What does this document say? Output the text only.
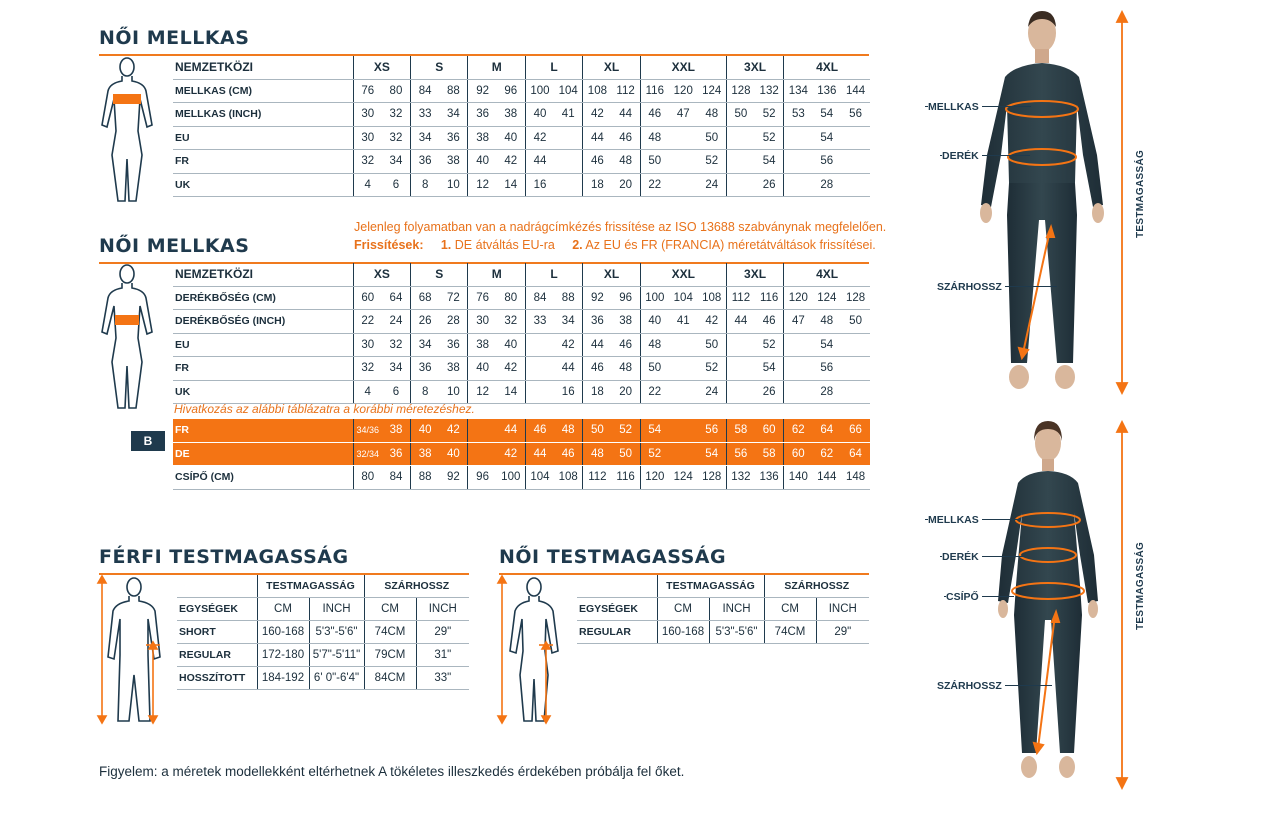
NŐI MELLKAS
NEMZETKÖZI	XS		S		M		L		XL		XXL			3XL		4XL		
MELLKAS (CM)	76	80	84	88	92	96	100	104	108	112	116	120	124	128	132	134	136	144
MELLKAS (INCH)	30	32	33	34	36	38	40	41	42	44	46	47	48	50	52	53	54	56
EU	30	32	34	36	38	40	42		44	46	48		50		52		54	
FR	32	34	36	38	40	42	44		46	48	50		52		54		56	
UK	4	6	8	10	12	14	16		18	20	22		24		26		28	
Jelenleg folyamatban van a nadrágcímkézés frissítése az ISO 13688 szabványnak megfelelően.
Frissítések: 1. DE átváltás EU-ra 2. Az EU és FR (FRANCIA) méretátváltások frissítései.
NŐI MELLKAS
NEMZETKÖZI	XS		S		M		L		XL		XXL			3XL		4XL		
DERÉKBŐSÉG (CM)	60	64	68	72	76	80	84	88	92	96	100	104	108	112	116	120	124	128
DERÉKBŐSÉG (INCH)	22	24	26	28	30	32	33	34	36	38	40	41	42	44	46	47	48	50
EU	30	32	34	36	38	40		42	44	46	48		50		52		54	
FR	32	34	36	38	40	42		44	46	48	50		52		54		56	
UK	4	6	8	10	12	14		16	18	20	22		24		26		28	
Hivatkozás az alábbi táblázatra a korábbi méretezéshez.
B
FR	34/36	38	40	42		44	46	48	50	52	54		56	58	60	62	64	66
DE	32/34	36	38	40		42	44	46	48	50	52		54	56	58	60	62	64
CSÍPŐ (CM)	80	84	88	92	96	100	104	108	112	116	120	124	128	132	136	140	144	148
FÉRFI TESTMAGASSÁG
	TESTMAGASSÁG		SZÁRHOSSZ	
EGYSÉGEK	CM	INCH	CM	INCH
SHORT	160-168	5'3"-5'6"	74CM	29"
REGULAR	172-180	5'7"-5'11"	79CM	31"
HOSSZÍTOTT	184-192	6' 0"-6'4"	84CM	33"
NŐI TESTMAGASSÁG
	TESTMAGASSÁG		SZÁRHOSSZ	
EGYSÉGEK	CM	INCH	CM	INCH
REGULAR	160-168	5'3"-5'6"	74CM	29"
Figyelem: a méretek modellekként eltérhetnek A tökéletes illeszkedés érdekében próbálja fel őket.
MELLKAS
DERÉK
SZÁRHOSSZ
TESTMAGASSÁG
MELLKAS
DERÉK
CSÍPŐ
SZÁRHOSSZ
TESTMAGASSÁG
